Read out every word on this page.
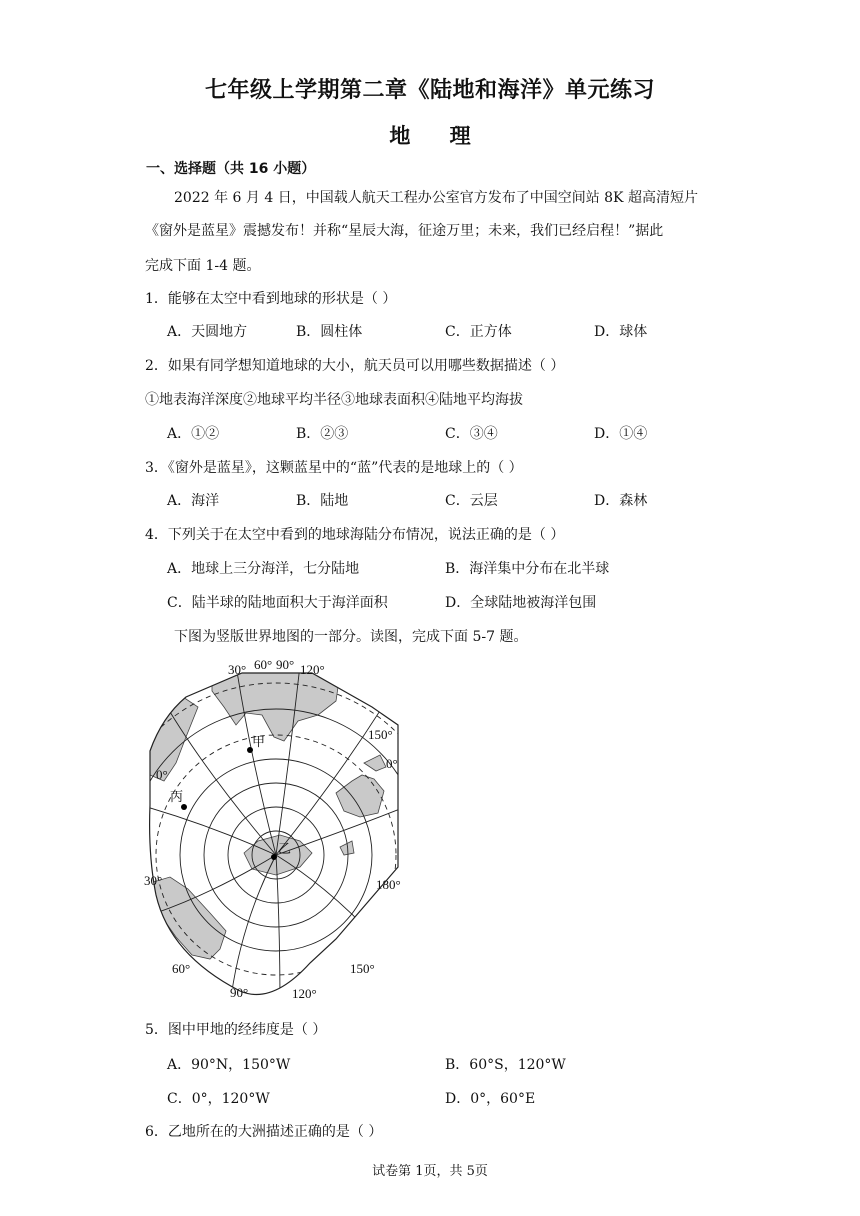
七年级上学期第二章《陆地和海洋》单元练习
地 理
一、选择题（共 16 小题）
2022 年 6 月 4 日，中国载人航天工程办公室官方发布了中国空间站 8K 超高清短片
《窗外是蓝星》震撼发布！并称“星辰大海，征途万里；未来，我们已经启程！”据此
完成下面 1-4 题。
1．能够在太空中看到地球的形状是（ ）
A．天圆地方	B．圆柱体	C．正方体	D．球体
2．如果有同学想知道地球的大小，航天员可以用哪些数据描述（ ）
①地表海洋深度②地球平均半径③地球表面积④陆地平均海拔
A．①②	B．②③	C．③④	D．①④
3．《窗外是蓝星》，这颗蓝星中的“蓝”代表的是地球上的（ ）
A．海洋	B．陆地	C．云层	D．森林
4．下列关于在太空中看到的地球海陆分布情况，说法正确的是（ ）
A．地球上三分海洋，七分陆地	B．海洋集中分布在北半球
C．陆半球的陆地面积大于海洋面积	D．全球陆地被海洋包围
下图为竖版世界地图的一部分。读图，完成下面 5-7 题。
甲
丙
乙
30° 60° 90° 120°
150°
0°
0°
30°	180°
60°
90°	120°
150°
5．图中甲地的经纬度是（ ）
A．90°N，150°W	B．60°S，120°W
C．0°，120°W	D．0°，60°E
6．乙地所在的大洲描述正确的是（ ）
试卷第 1页，共 5页
